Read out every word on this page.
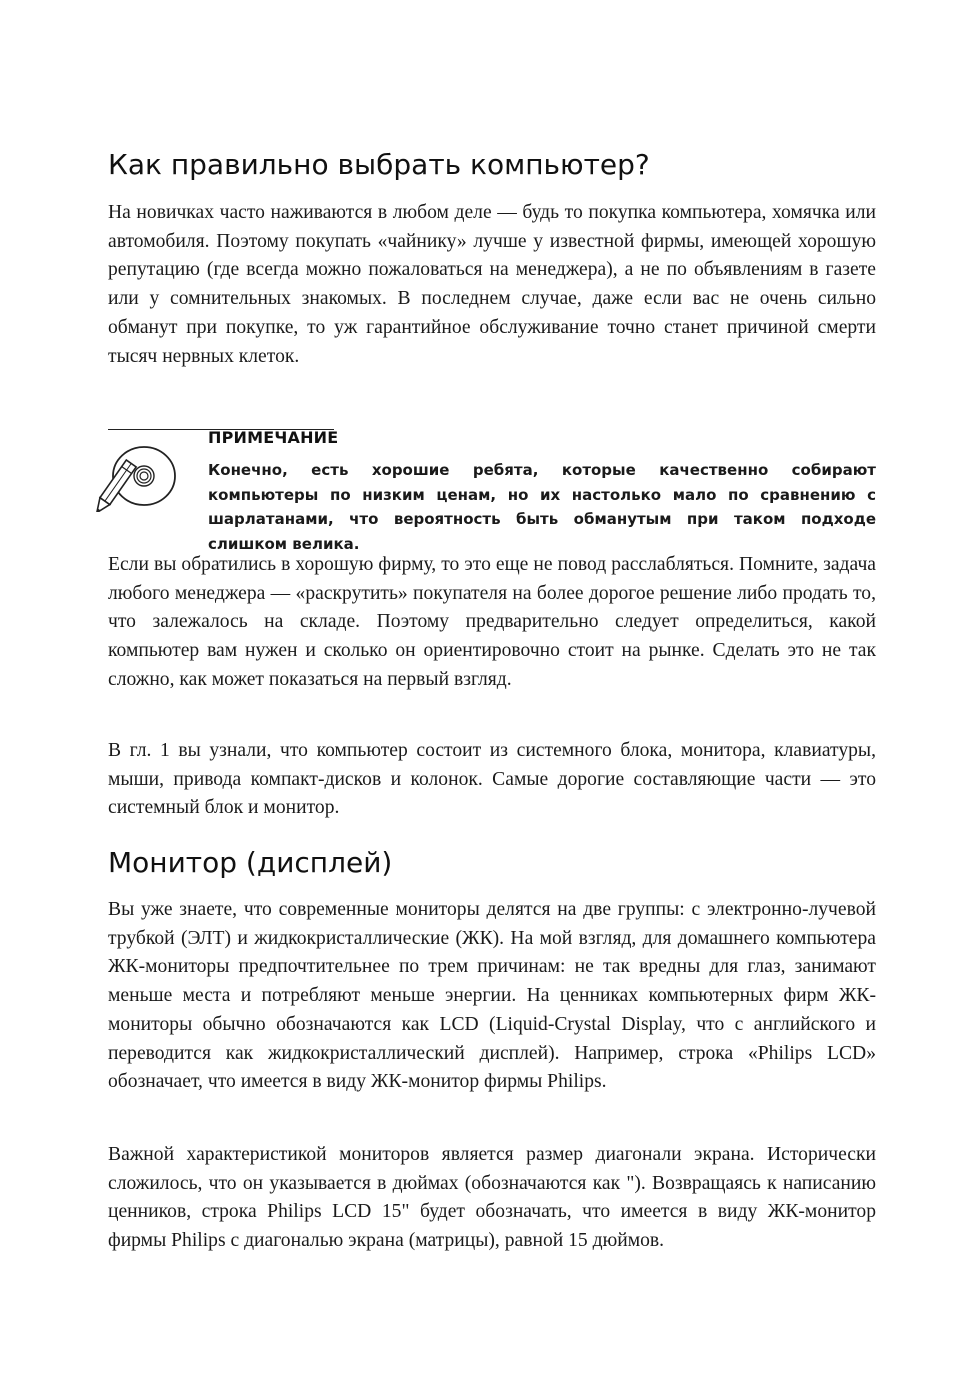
Как правильно выбрать компьютер?

На новичках часто наживаются в любом деле — будь то покупка компьютера, хомячка или автомобиля. Поэтому покупать «чайнику» лучше у известной фирмы, имеющей хорошую репутацию (где всегда можно пожаловаться на менеджера), а не по объявлениям в газете или у сомнительных знакомых. В последнем случае, даже если вас не очень сильно обманут при покупке, то уж гарантийное обслуживание точно станет причиной смерти тысяч нервных клеток.

ПРИМЕЧАНИЕ

Конечно, есть хорошие ребята, которые качественно собирают компьютеры по низким ценам, но их настолько мало по сравнению с шарлатанами, что вероятность быть обманутым при таком подходе слишком велика.

Если вы обратились в хорошую фирму, то это еще не повод расслабляться. Помните, задача любого менеджера — «раскрутить» покупателя на более дорогое решение либо продать то, что залежалось на складе. Поэтому предварительно следует определиться, какой компьютер вам нужен и сколько он ориентировочно стоит на рынке. Сделать это не так сложно, как может показаться на первый взгляд.

В гл. 1 вы узнали, что компьютер состоит из системного блока, монитора, клавиатуры, мыши, привода компакт-дисков и колонок. Самые дорогие составляющие части — это системный блок и монитор.

Монитор (дисплей)

Вы уже знаете, что современные мониторы делятся на две группы: с электронно-лучевой трубкой (ЭЛТ) и жидкокристаллические (ЖК). На мой взгляд, для домашнего компьютера ЖК-мониторы предпочтительнее по трем причинам: не так вредны для глаз, занимают меньше места и потребляют меньше энергии. На ценниках компьютерных фирм ЖК-мониторы обычно обозначаются как LCD (Liquid-Crystal Display, что с английского и переводится как жидкокристаллический дисплей). Например, строка «Philips LCD» обозначает, что имеется в виду ЖК-монитор фирмы Philips.

Важной характеристикой мониторов является размер диагонали экрана. Исторически сложилось, что он указывается в дюймах (обозначаются как "). Возвращаясь к написанию ценников, строка Philips LCD 15" будет обозначать, что имеется в виду ЖК-монитор фирмы Philips с диагональю экрана (матрицы), равной 15 дюймов.
